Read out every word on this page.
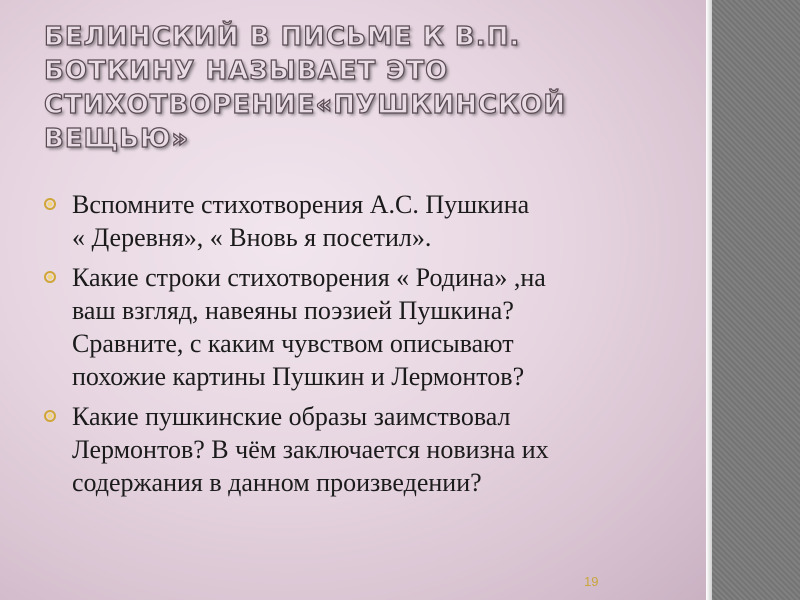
БЕЛИНСКИЙ В ПИСЬМЕ К В.П.
БОТКИНУ НАЗЫВАЕТ ЭТО
СТИХОТВОРЕНИЕ«ПУШКИНСКОЙ
ВЕЩЬЮ»
Вспомните стихотворения А.С. Пушкина
« Деревня», « Вновь я посетил».
Какие строки стихотворения « Родина» ,на
ваш взгляд, навеяны поэзией Пушкина?
Сравните, с каким чувством описывают
похожие картины Пушкин и Лермонтов?
Какие пушкинские образы заимствовал
Лермонтов? В чём заключается новизна их
содержания в данном произведении?
19
